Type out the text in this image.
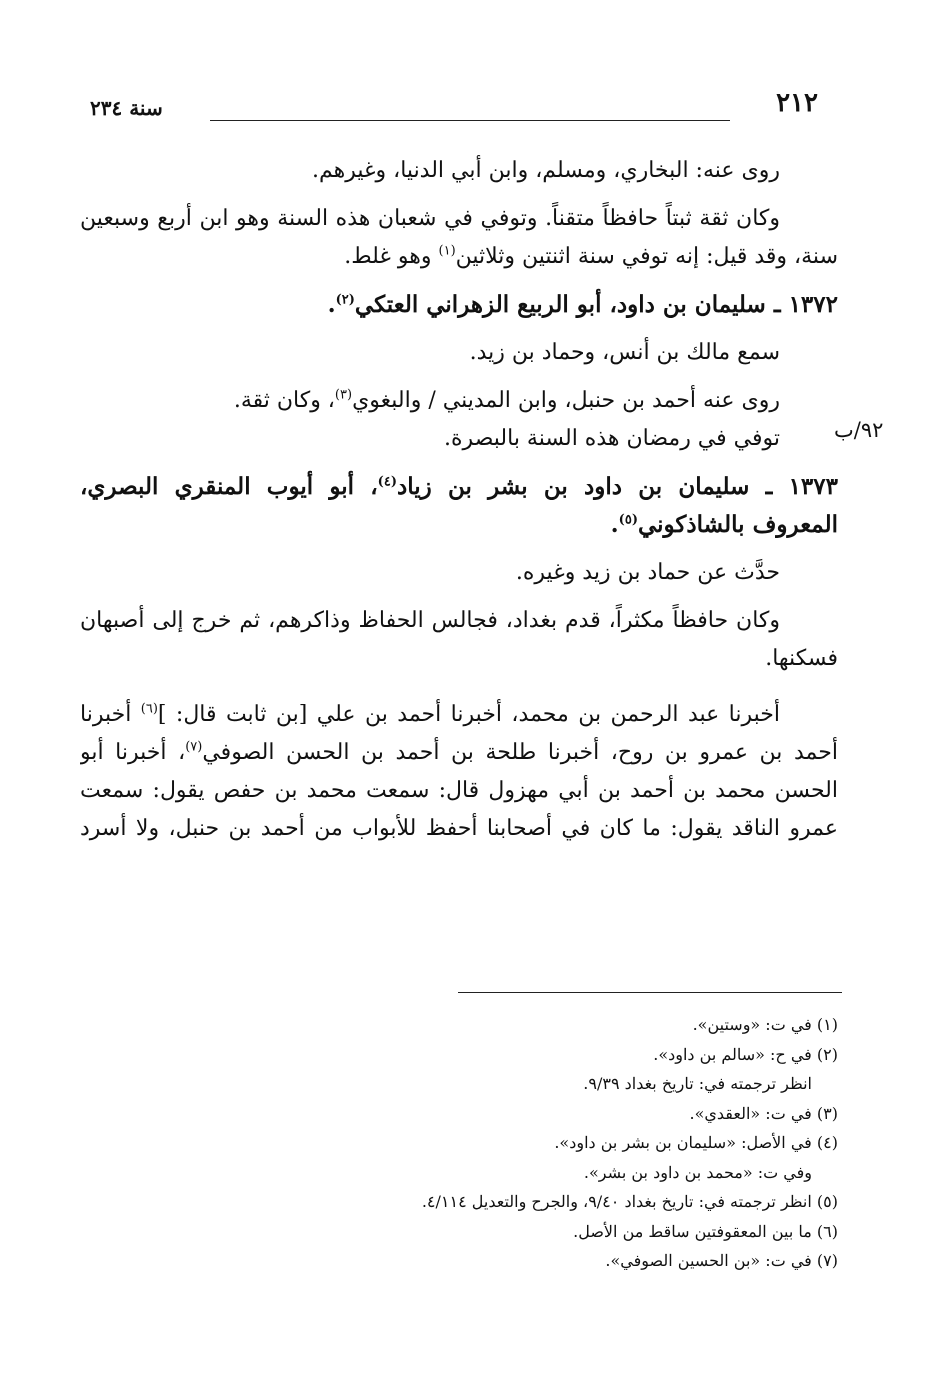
٢١٢
سنة ٢٣٤
٩٢/ب
روى عنه: البخاري، ومسلم، وابن أبي الدنيا، وغيرهم.
وكان ثقة ثبتاً حافظاً متقناً. وتوفي في شعبان هذه السنة وهو ابن أربع وسبعين
سنة، وقد قيل: إنه توفي سنة اثنتين وثلاثين$^{(١)}$ وهو غلط.
١٣٧٢ ـ سليمان بن داود، أبو الربيع الزهراني العتكي$^{(٢)}$.
سمع مالك بن أنس، وحماد بن زيد.
روى عنه أحمد بن حنبل، وابن المديني / والبغوي$^{(٣)}$، وكان ثقة.
توفي في رمضان هذه السنة بالبصرة.
١٣٧٣ ـ سليمان بن داود بن بشر بن زياد$^{(٤)}$، أبو أيوب المنقري البصري،
المعروف بالشاذكوني$^{(٥)}$.
حدَّث عن حماد بن زيد وغيره.
وكان حافظاً مكثراً، قدم بغداد، فجالس الحفاظ وذاكرهم، ثم خرج إلى أصبهان
فسكنها.
أخبرنا عبد الرحمن بن محمد، أخبرنا أحمد بن علي [بن ثابت قال: ]$^{(٦)}$ أخبرنا
أحمد بن عمرو بن روح، أخبرنا طلحة بن أحمد بن الحسن الصوفي$^{(٧)}$، أخبرنا أبو
الحسن محمد بن أحمد بن أبي مهزول قال: سمعت محمد بن حفص يقول: سمعت
عمرو الناقد يقول: ما كان في أصحابنا أحفظ للأبواب من أحمد بن حنبل، ولا أسرد
(١) في ت: «وستين».
(٢) في ح: «سالم بن داود».
انظر ترجمته في: تاريخ بغداد ٩/٣٩.
(٣) في ت: «العقدي».
(٤) في الأصل: «سليمان بن بشر بن داود».
وفي ت: «محمد بن داود بن بشر».
(٥) انظر ترجمته في: تاريخ بغداد ٩/٤٠، والجرح والتعديل ٤/١١٤.
(٦) ما بين المعقوفتين ساقط من الأصل.
(٧) في ت: «بن الحسين الصوفي».
